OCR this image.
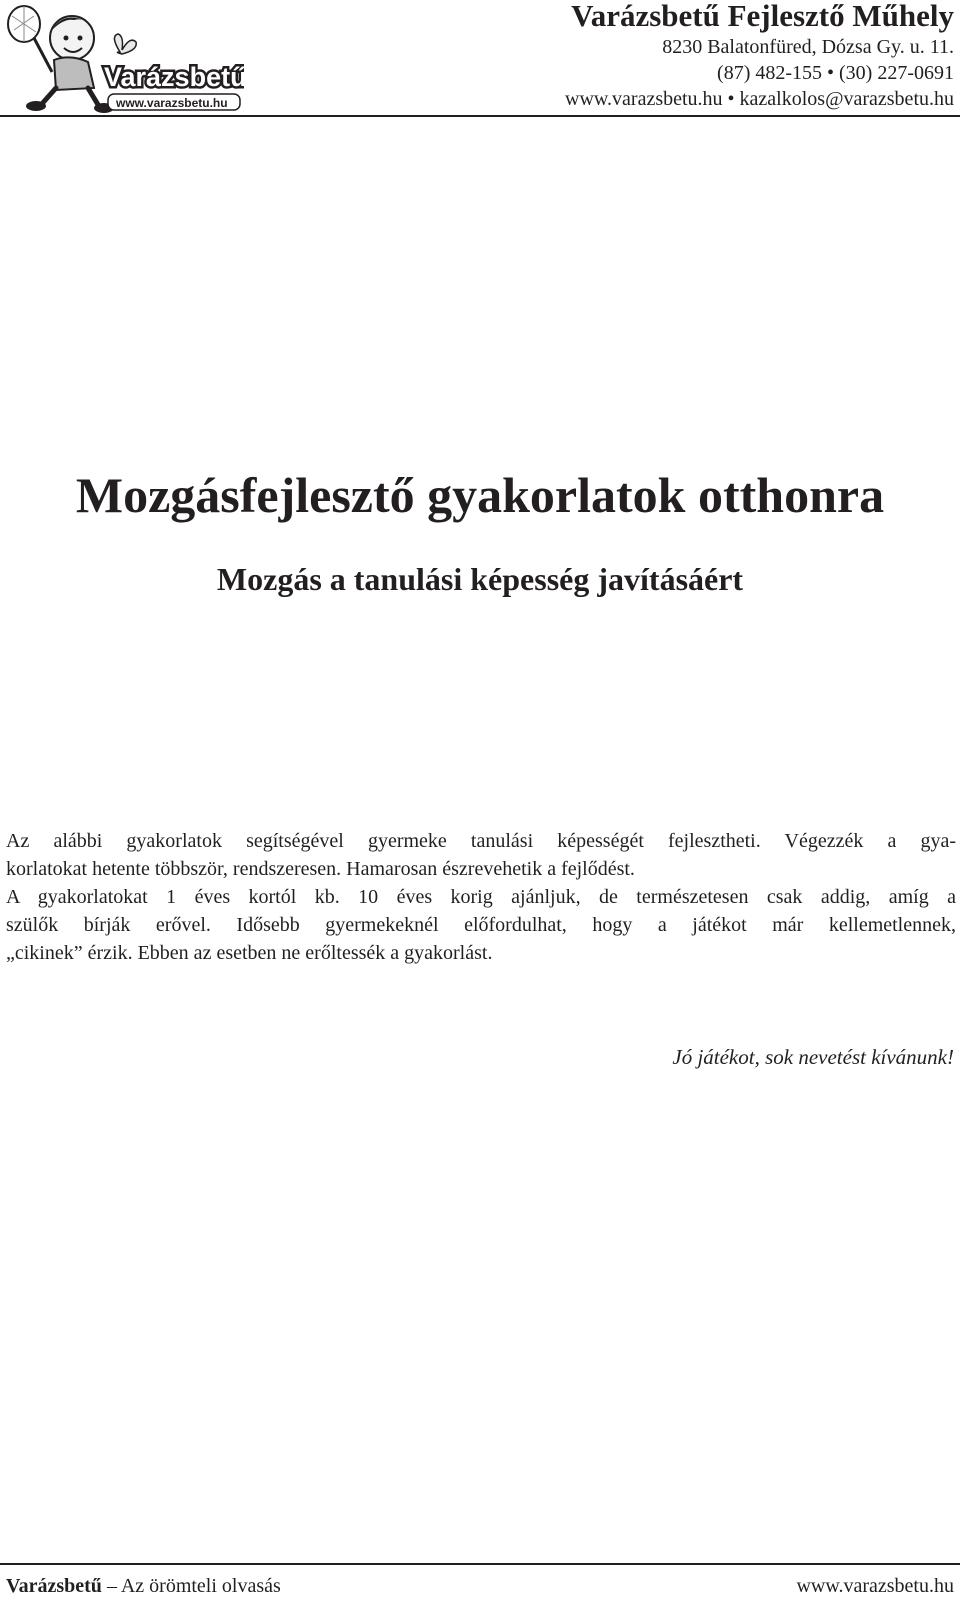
Varázsbetű
www.varazsbetu.hu
Varázsbetű Fejlesztő Műhely
8230 Balatonfüred, Dózsa Gy. u. 11.
(87) 482-155 • (30) 227-0691
www.varazsbetu.hu • kazalkolos@varazsbetu.hu
Mozgásfejlesztő gyakorlatok otthonra
Mozgás a tanulási képesség javításáért

Az alábbi gyakorlatok segítségével gyermeke tanulási képességét fejlesztheti. Végezzék a gya-
korlatokat hetente többször, rendszeresen. Hamarosan észrevehetik a fejlődést.

A gyakorlatokat 1 éves kortól kb. 10 éves korig ajánljuk, de természetesen csak addig, amíg a
szülők bírják erővel. Idősebb gyermekeknél előfordulhat, hogy a játékot már kellemetlennek,
„cikinek” érzik. Ebben az esetben ne erőltessék a gyakorlást.

Jó játékot, sok nevetést kívánunk!
Varázsbetű – Az örömteli olvasás	www.varazsbetu.hu
